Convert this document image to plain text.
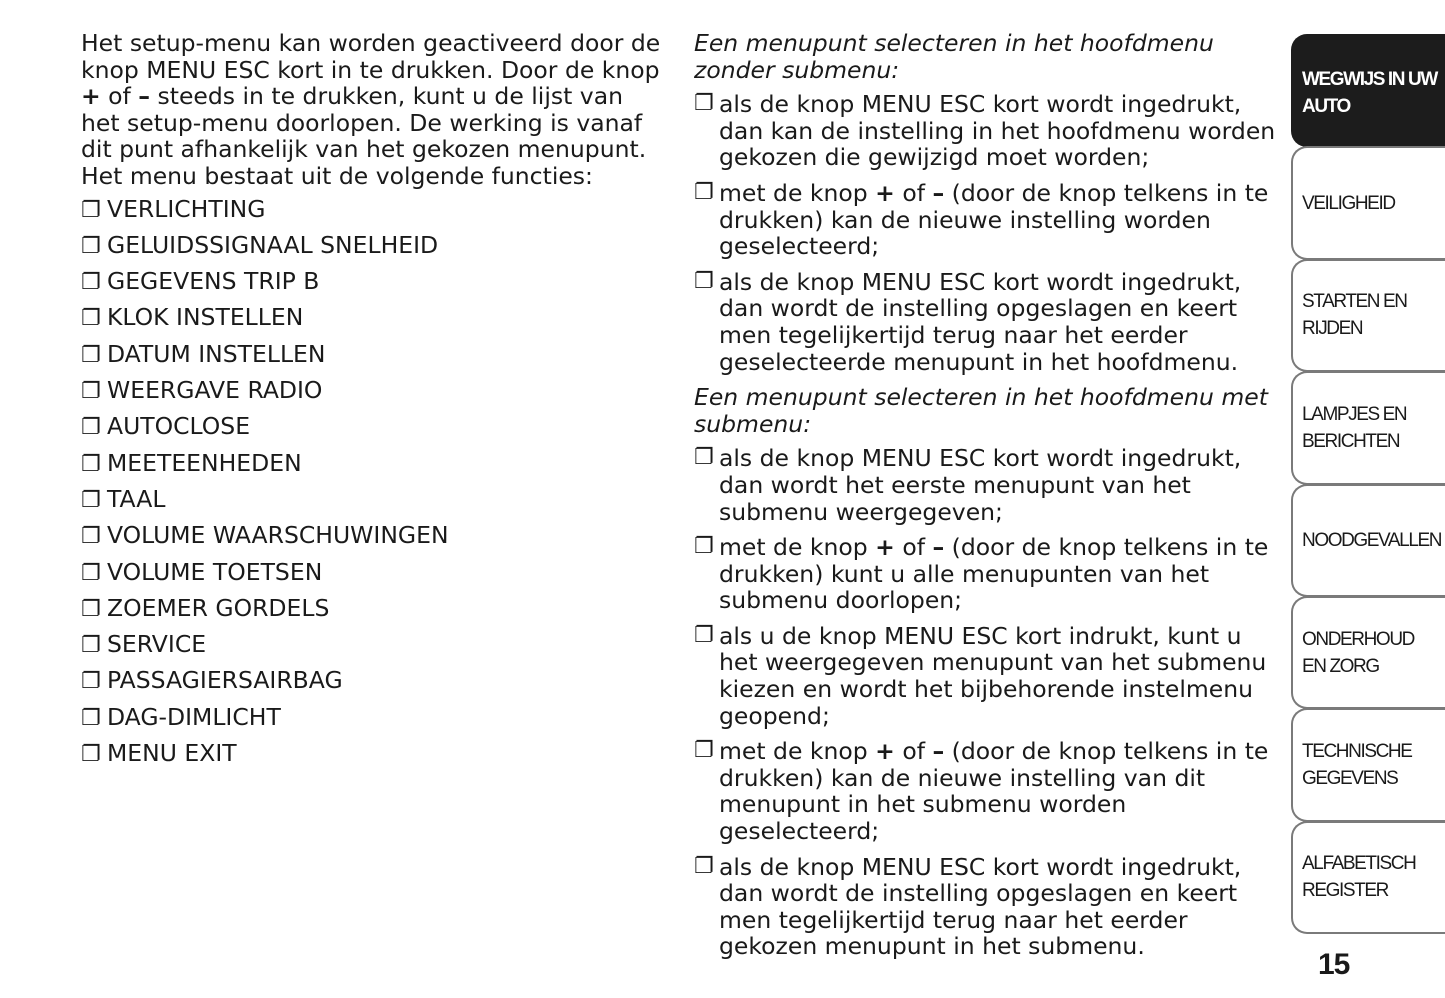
Het setup-menu kan worden geactiveerd door de knop MENU ESC kort in te drukken. Door de knop
+ of – steeds in te drukken, kunt u de lijst van het setup-menu doorlopen. De werking is vanaf dit punt afhankelijk van het gekozen menupunt. Het menu bestaat uit de volgende functies:

❐ VERLICHTING
❐ GELUIDSSIGNAAL SNELHEID
❐ GEGEVENS TRIP B
❐ KLOK INSTELLEN
❐ DATUM INSTELLEN
❐ WEERGAVE RADIO
❐ AUTOCLOSE
❐ MEETEENHEDEN
❐ TAAL
❐ VOLUME WAARSCHUWINGEN
❐ VOLUME TOETSEN
❐ ZOEMER GORDELS
❐ SERVICE
❐ PASSAGIERSAIRBAG
❐ DAG-DIMLICHT
❐ MENU EXIT

Een menupunt selecteren in het hoofdmenu zonder submenu:

❐ als de knop MENU ESC kort wordt ingedrukt, dan kan de instelling in het hoofdmenu worden gekozen die gewijzigd moet worden;
❐ met de knop + of – (door de knop telkens in te drukken) kan de nieuwe instelling worden geselecteerd;
❐ als de knop MENU ESC kort wordt ingedrukt, dan wordt de instelling opgeslagen en keert men tegelijkertijd terug naar het eerder geselecteerde menupunt in het hoofdmenu.

Een menupunt selecteren in het hoofdmenu met submenu:

❐ als de knop MENU ESC kort wordt ingedrukt, dan wordt het eerste menupunt van het submenu weergegeven;
❐ met de knop + of – (door de knop telkens in te drukken) kunt u alle menupunten van het submenu doorlopen;
❐ als u de knop MENU ESC kort indrukt, kunt u het weergegeven menupunt van het submenu kiezen en wordt het bijbehorende instelmenu geopend;
❐ met de knop + of – (door de knop telkens in te drukken) kan de nieuwe instelling van dit menupunt in het submenu worden geselecteerd;
❐ als de knop MENU ESC kort wordt ingedrukt, dan wordt de instelling opgeslagen en keert men tegelijkertijd terug naar het eerder gekozen menupunt in het submenu.
WEGWIJS IN UW AUTO
VEILIGHEID
STARTEN EN RIJDEN
LAMPJES EN BERICHTEN
NOODGEVALLEN
ONDERHOUD EN ZORG
TECHNISCHE GEGEVENS
ALFABETISCH REGISTER
15
